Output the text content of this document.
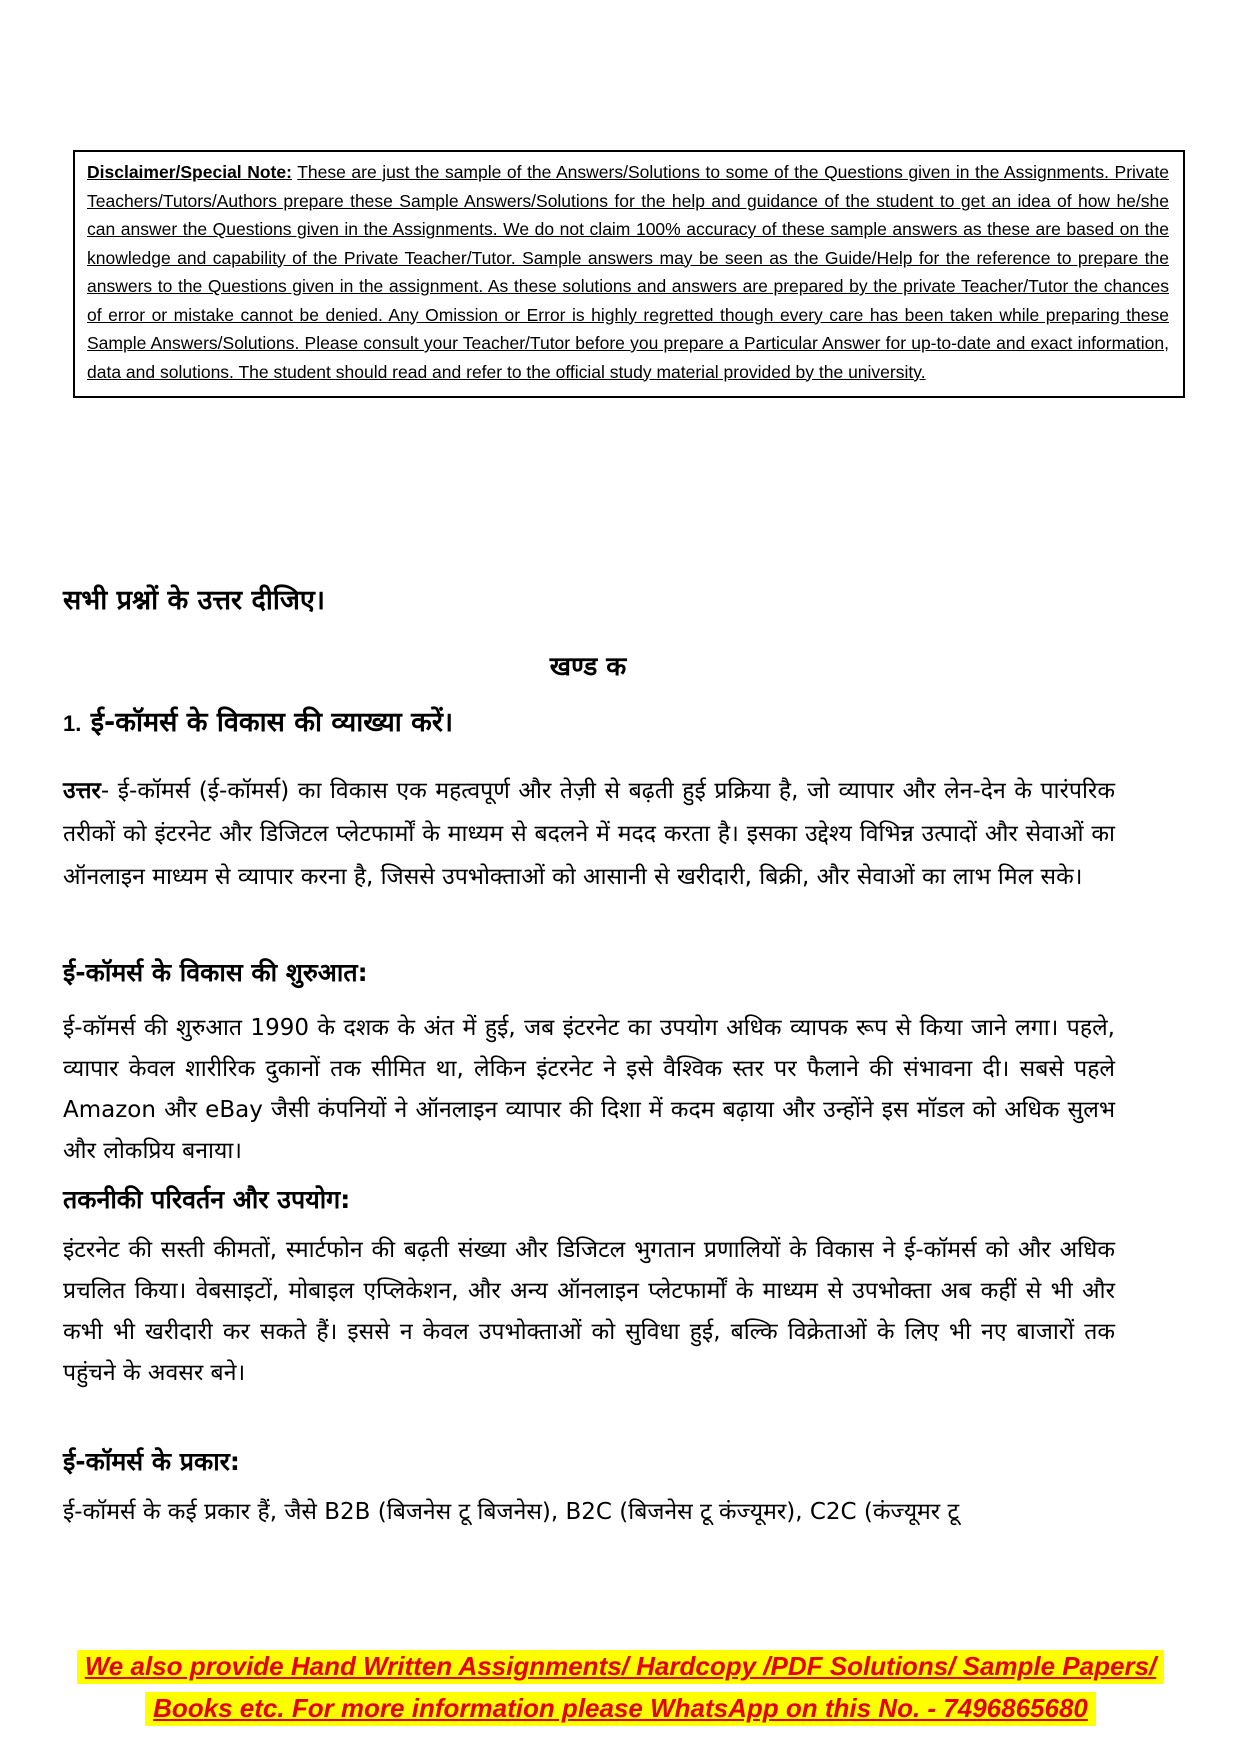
Disclaimer/Special Note: These are just the sample of the Answers/Solutions to some of the Questions given in the Assignments. Private Teachers/Tutors/Authors prepare these Sample Answers/Solutions for the help and guidance of the student to get an idea of how he/she can answer the Questions given in the Assignments. We do not claim 100% accuracy of these sample answers as these are based on the knowledge and capability of the Private Teacher/Tutor. Sample answers may be seen as the Guide/Help for the reference to prepare the answers to the Questions given in the assignment. As these solutions and answers are prepared by the private Teacher/Tutor the chances of error or mistake cannot be denied. Any Omission or Error is highly regretted though every care has been taken while preparing these Sample Answers/Solutions. Please consult your Teacher/Tutor before you prepare a Particular Answer for up-to-date and exact information, data and solutions. The student should read and refer to the official study material provided by the university.
सभी प्रश्नों के उत्तर दीजिए।
खण्ड क
1. ई-कॉमर्स के विकास की व्याख्या करें।
उत्तर- ई-कॉमर्स (ई-कॉमर्स) का विकास एक महत्वपूर्ण और तेज़ी से बढ़ती हुई प्रक्रिया है, जो व्यापार और लेन-देन के पारंपरिक तरीकों को इंटरनेट और डिजिटल प्लेटफार्मों के माध्यम से बदलने में मदद करता है। इसका उद्देश्य विभिन्न उत्पादों और सेवाओं का ऑनलाइन माध्यम से व्यापार करना है, जिससे उपभोक्ताओं को आसानी से खरीदारी, बिक्री, और सेवाओं का लाभ मिल सके।
ई-कॉमर्स के विकास की शुरुआत:
ई-कॉमर्स की शुरुआत 1990 के दशक के अंत में हुई, जब इंटरनेट का उपयोग अधिक व्यापक रूप से किया जाने लगा। पहले, व्यापार केवल शारीरिक दुकानों तक सीमित था, लेकिन इंटरनेट ने इसे वैश्विक स्तर पर फैलाने की संभावना दी। सबसे पहले Amazon और eBay जैसी कंपनियों ने ऑनलाइन व्यापार की दिशा में कदम बढ़ाया और उन्होंने इस मॉडल को अधिक सुलभ और लोकप्रिय बनाया।
तकनीकी परिवर्तन और उपयोग:
इंटरनेट की सस्ती कीमतों, स्मार्टफोन की बढ़ती संख्या और डिजिटल भुगतान प्रणालियों के विकास ने ई-कॉमर्स को और अधिक प्रचलित किया। वेबसाइटों, मोबाइल एप्लिकेशन, और अन्य ऑनलाइन प्लेटफार्मों के माध्यम से उपभोक्ता अब कहीं से भी और कभी भी खरीदारी कर सकते हैं। इससे न केवल उपभोक्ताओं को सुविधा हुई, बल्कि विक्रेताओं के लिए भी नए बाजारों तक पहुंचने के अवसर बने।
ई-कॉमर्स के प्रकार:
ई-कॉमर्स के कई प्रकार हैं, जैसे B2B (बिजनेस टू बिजनेस), B2C (बिजनेस टू कंज्यूमर), C2C (कंज्यूमर टू
We also provide Hand Written Assignments/ Hardcopy /PDF Solutions/ Sample Papers/
Books etc. For more information please WhatsApp on this No. - 7496865680
